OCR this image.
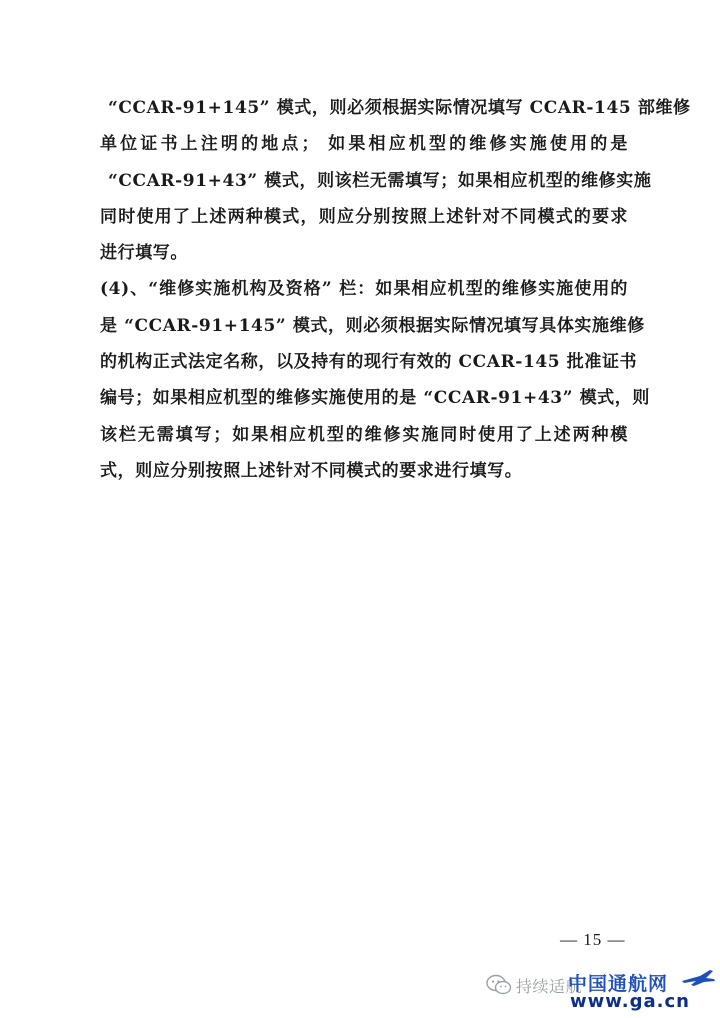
“CCAR-91+145” 模式，则必须根据实际情况填写 CCAR-145 部维修
单位证书上注明的地点； 如果相应机型的维修实施使用的是
“CCAR-91+43” 模式，则该栏无需填写；如果相应机型的维修实施
同时使用了上述两种模式，则应分别按照上述针对不同模式的要求
进行填写。
(4)、“维修实施机构及资格” 栏：如果相应机型的维修实施使用的
是 “CCAR-91+145” 模式，则必须根据实际情况填写具体实施维修
的机构正式法定名称，以及持有的现行有效的 CCAR-145 批准证书
编号；如果相应机型的维修实施使用的是 “CCAR-91+43” 模式，则
该栏无需填写；如果相应机型的维修实施同时使用了上述两种模
式，则应分别按照上述针对不同模式的要求进行填写。
— 15 —
持续适航
中国通航网
www.ga.cn
